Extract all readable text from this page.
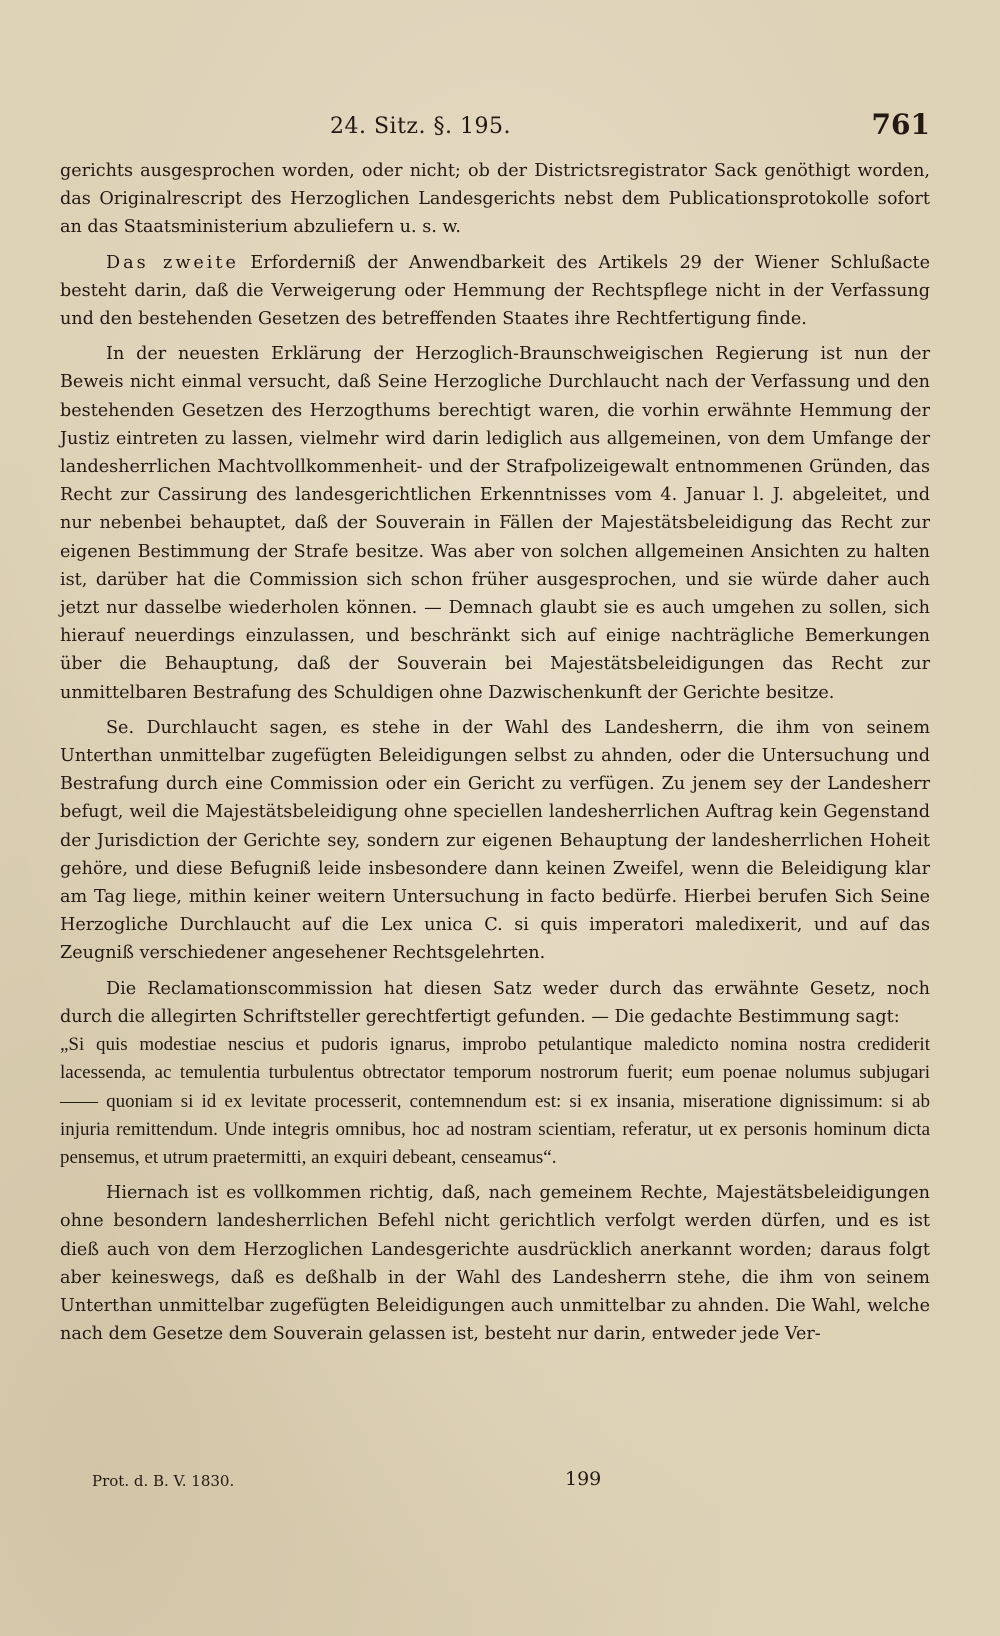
24. Sitz. §. 195.	761

gerichts ausgesprochen worden, oder nicht; ob der Districtsregistrator Sack genöthigt worden, das Originalrescript des Herzoglichen Landesgerichts nebst dem Publicationsprotokolle sofort an das Staatsministerium abzuliefern u. s. w.

Das zweite Erforderniß der Anwendbarkeit des Artikels 29 der Wiener Schlußacte besteht darin, daß die Verweigerung oder Hemmung der Rechtspflege nicht in der Verfassung und den bestehenden Gesetzen des betreffenden Staates ihre Rechtfertigung finde.

In der neuesten Erklärung der Herzoglich-Braunschweigischen Regierung ist nun der Beweis nicht einmal versucht, daß Seine Herzogliche Durchlaucht nach der Verfassung und den bestehenden Gesetzen des Herzogthums berechtigt waren, die vorhin erwähnte Hemmung der Justiz eintreten zu lassen, vielmehr wird darin lediglich aus allgemeinen, von dem Umfange der landesherrlichen Machtvollkommenheit- und der Strafpolizeigewalt entnommenen Gründen, das Recht zur Cassirung des landesgerichtlichen Erkenntnisses vom 4. Januar l. J. abgeleitet, und nur nebenbei behauptet, daß der Souverain in Fällen der Majestätsbeleidigung das Recht zur eigenen Bestimmung der Strafe besitze. Was aber von solchen allgemeinen Ansichten zu halten ist, darüber hat die Commission sich schon früher ausgesprochen, und sie würde daher auch jetzt nur dasselbe wiederholen können. — Demnach glaubt sie es auch umgehen zu sollen, sich hierauf neuerdings einzulassen, und beschränkt sich auf einige nachträgliche Bemerkungen über die Behauptung, daß der Souverain bei Majestätsbeleidigungen das Recht zur unmittelbaren Bestrafung des Schuldigen ohne Dazwischenkunft der Gerichte besitze.

Se. Durchlaucht sagen, es stehe in der Wahl des Landesherrn, die ihm von seinem Unterthan unmittelbar zugefügten Beleidigungen selbst zu ahnden, oder die Untersuchung und Bestrafung durch eine Commission oder ein Gericht zu verfügen. Zu jenem sey der Landesherr befugt, weil die Majestätsbeleidigung ohne speciellen landesherrlichen Auftrag kein Gegenstand der Jurisdiction der Gerichte sey, sondern zur eigenen Behauptung der landesherrlichen Hoheit gehöre, und diese Befugniß leide insbesondere dann keinen Zweifel, wenn die Beleidigung klar am Tag liege, mithin keiner weitern Untersuchung in facto bedürfe. Hierbei berufen Sich Seine Herzogliche Durchlaucht auf die Lex unica C. si quis imperatori maledixerit, und auf das Zeugniß verschiedener angesehener Rechtsgelehrten.

Die Reclamationscommission hat diesen Satz weder durch das erwähnte Gesetz, noch durch die allegirten Schriftsteller gerechtfertigt gefunden. — Die gedachte Bestimmung sagt:

„Si quis modestiae nescius et pudoris ignarus, improbo petulantique maledicto nomina nostra crediderit lacessenda, ac temulentia turbulentus obtrectator temporum nostrorum fuerit; eum poenae nolumus subjugari —— quoniam si id ex levitate processerit, contemnendum est: si ex insania, miseratione dignissimum: si ab injuria remittendum. Unde integris omnibus, hoc ad nostram scientiam, referatur, ut ex personis hominum dicta pensemus, et utrum praetermitti, an exquiri debeant, censeamus“.

Hiernach ist es vollkommen richtig, daß, nach gemeinem Rechte, Majestätsbeleidigungen ohne besondern landesherrlichen Befehl nicht gerichtlich verfolgt werden dürfen, und es ist dieß auch von dem Herzoglichen Landesgerichte ausdrücklich anerkannt worden; daraus folgt aber keineswegs, daß es deßhalb in der Wahl des Landesherrn stehe, die ihm von seinem Unterthan unmittelbar zugefügten Beleidigungen auch unmittelbar zu ahnden. Die Wahl, welche nach dem Gesetze dem Souverain gelassen ist, besteht nur darin, entweder jede Ver-

Prot. d. B. V. 1830.	199
